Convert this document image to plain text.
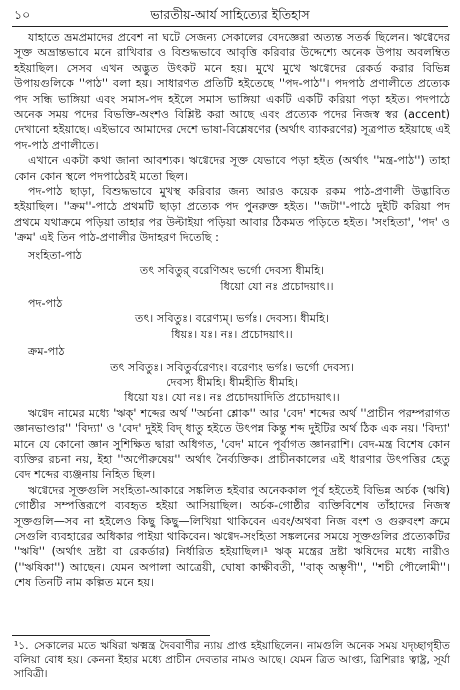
১০	ভারতীয়-আর্য সাহিত্যের ইতিহাস

যাহাতে ভ্রমপ্রমাদের প্রবেশ না ঘটে সেজন্য সেকালের বেদজ্ঞেরা অত্যন্ত সতর্ক ছিলেন। ঋগ্বেদের সূক্ত অভ্রান্তভাবে মনে রাখিবার ও বিশুদ্ধভাবে আবৃত্তি করিবার উদ্দেশ্যে অনেক উপায় অবলম্বিত হইয়াছিল। সেসব এখন অদ্ভুত উৎকট মনে হয়। মুখে মুখে ঋগ্বেদের রেকর্ড করার বিভিন্ন উপায়গুলিকে ''পাঠ'' বলা হয়। সাধারণত প্রতিটি হইতেছে ''পদ-পাঠ''। পদপাঠ প্রণালীতে প্রত্যেক পদ সন্ধি ভাঙ্গিয়া এবং সমাস-পদ হইলে সমাস ভাঙ্গিয়া একটি একটি করিয়া পড়া হইত। পদপাঠে অনেক সময় পদের বিভক্তি-অংশও বিশ্লিষ্ট করা আছে এবং প্রত্যেক পদের নিজস্ব স্বর (accent) দেখানো হইয়াছে। এইভাবে আমাদের দেশে ভাষা-বিশ্লেষণের (অর্থাৎ ব্যাকরণের) সূত্রপাত হইয়াছে এই পদ-পাঠ প্রণালীতে।

এখানে একটা কথা জানা আবশ্যক। ঋগ্বেদের সূক্ত যেভাবে পড়া হইত (অর্থাৎ ''মন্ত্র-পাঠ'') তাহা কোন কোন স্থলে পদপাঠেরই মতো ছিল।

পদ-পাঠ ছাড়া, বিশুদ্ধভাবে মুখস্থ করিবার জন্য আরও কয়েক রকম পাঠ-প্রণালী উদ্ভাবিত হইয়াছিল। ''ক্রম''-পাঠে প্রথমটি ছাড়া প্রত্যেক পদ পুনরুক্ত হইত। ''জটা''-পাঠে দুইটি করিয়া পদ প্রথমে যথাক্রমে পড়িয়া তাহার পর উল্টাইয়া পড়িয়া আবার ঠিকমত পড়িতে হইত। 'সংহিতা', 'পদ' ও 'ক্রম' এই তিন পাঠ-প্রণালীর উদাহরণ দিতেছি :

সংহিতা-পাঠ
তৎ সবিতুর্ বরেণিঅং ভর্গো দেবস্য ধীমহি।
ধিয়ো যো নঃ প্রচোদয়াৎ।।
পদ-পাঠ
তৎ। সবিতুঃ। বরেণ্যম্। ভর্গঃ। দেবস্য। ধীমহি।
ধিয়ঃ। যঃ। নঃ। প্রচোদয়াৎ।।
ক্রম-পাঠ
তৎ সবিতুঃ। সবিতুর্বরেণ্যং। বরেণ্যং ভর্গঃ। ভর্গো দেবস্য।
দেবস্য ধীমহি। ধীমহীতি ধীমহি।
ধিয়ো যঃ। যো নঃ। নঃ প্রচোদয়াদিতি প্রচোদয়াৎ।।

ঋগ্বেদ নামের মধ্যে 'ঋক্' শব্দের অর্থ ''অর্চনা শ্লোক'' আর 'বেদ' শব্দের অর্থ ''প্রাচীন পরম্পরাগত জ্ঞানভাণ্ডার'' 'বিদ্যা' ও 'বেদ' দুইই বিদ্ ধাতু হইতে উৎপন্ন কিন্তু শব্দ দুইটির অর্থ ঠিক এক নয়। 'বিদ্যা' মানে যে কোনো জ্ঞান সুশিক্ষিত দ্বারা অধিগত, 'বেদ' মানে পূর্বাগত জ্ঞানরাশি। বেদ-মন্ত্র বিশেষ কোন ব্যক্তির রচনা নয়, ইহা ''অপৌরুষেয়'' অর্থাৎ নৈর্ব্যক্তিক। প্রাচীনকালের এই ধারণার উৎপত্তির হেতু বেদ শব্দের ব্যঞ্জনায় নিহিত ছিল।

ঋগ্বেদের সূক্তগুলি সংহিতা-আকারে সঙ্কলিত হইবার অনেককাল পূর্ব হইতেই বিভিন্ন অর্চক (ঋষি) গোষ্ঠীর সম্পত্তিরূপে ব্যবহৃত হইয়া আসিয়াছিল। অর্চক-গোষ্ঠীর ব্যক্তিবিশেষ তাঁহাদের নিজস্ব সূক্তগুলি—সব না হইলেও কিছু কিছু—লিখিয়া থাকিবেন এবং/অথবা নিজ বংশ ও গুরুবংশ ক্রমে সেগুলি ব্যবহারের অধিকার পাইয়া থাকিবেন। ঋগ্বেদ-সংহিতা সঙ্কলনের সময়ে সূক্তগুলির প্রত্যেকটির ''ঋষি'' (অর্থাৎ দ্রষ্টা বা রেকর্ডার) নির্ধারিত হইয়াছিল।¹ ঋক্ মন্ত্রের দ্রষ্টা ঋষিদের মধ্যে নারীও (''ঋষিকা'') আছেন। যেমন অপালা আত্রেয়ী, ঘোষা কাক্ষীবতী, ''বাক্ অম্ভৃণী'', ''শচী পৌলোমী''। শেষ তিনটি নাম কল্পিত মনে হয়।

¹১. সেকালের মতে ঋষিরা ঋক্মন্ত্র দৈববাণীর ন্যায় প্রাপ্ত হইয়াছিলেন। নামগুলি অনেক সময় যদৃচ্ছাগৃহীত বলিয়া বোধ হয়। কেননা ইহার মধ্যে প্রাচীন দেবতার নামও আছে। যেমন ত্রিত আপ্ত্য, ত্রিশিরাঃ ত্বাষ্ট্র, সূর্যা সাবিত্রী।
